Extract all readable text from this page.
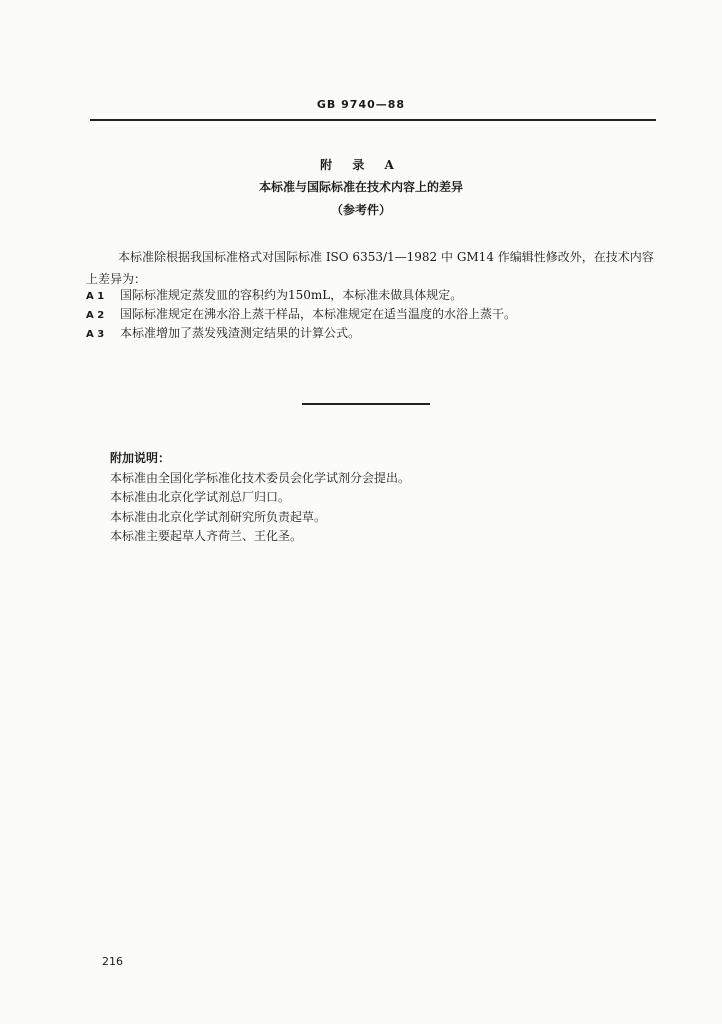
GB 9740—88
附 录 A
本标准与国际标准在技术内容上的差异
（参考件）
本标准除根据我国标准格式对国际标准 ISO 6353/1—1982 中 GM14 作编辑性修改外，在技术内容上差异为：
A 1 国际标准规定蒸发皿的容积约为150mL，本标准未做具体规定。
A 2 国际标准规定在沸水浴上蒸干样品，本标准规定在适当温度的水浴上蒸干。
A 3 本标准增加了蒸发残渣测定结果的计算公式。
附加说明：
本标准由全国化学标准化技术委员会化学试剂分会提出。
本标准由北京化学试剂总厂归口。
本标准由北京化学试剂研究所负责起草。
本标准主要起草人齐荷兰、王化圣。
216
